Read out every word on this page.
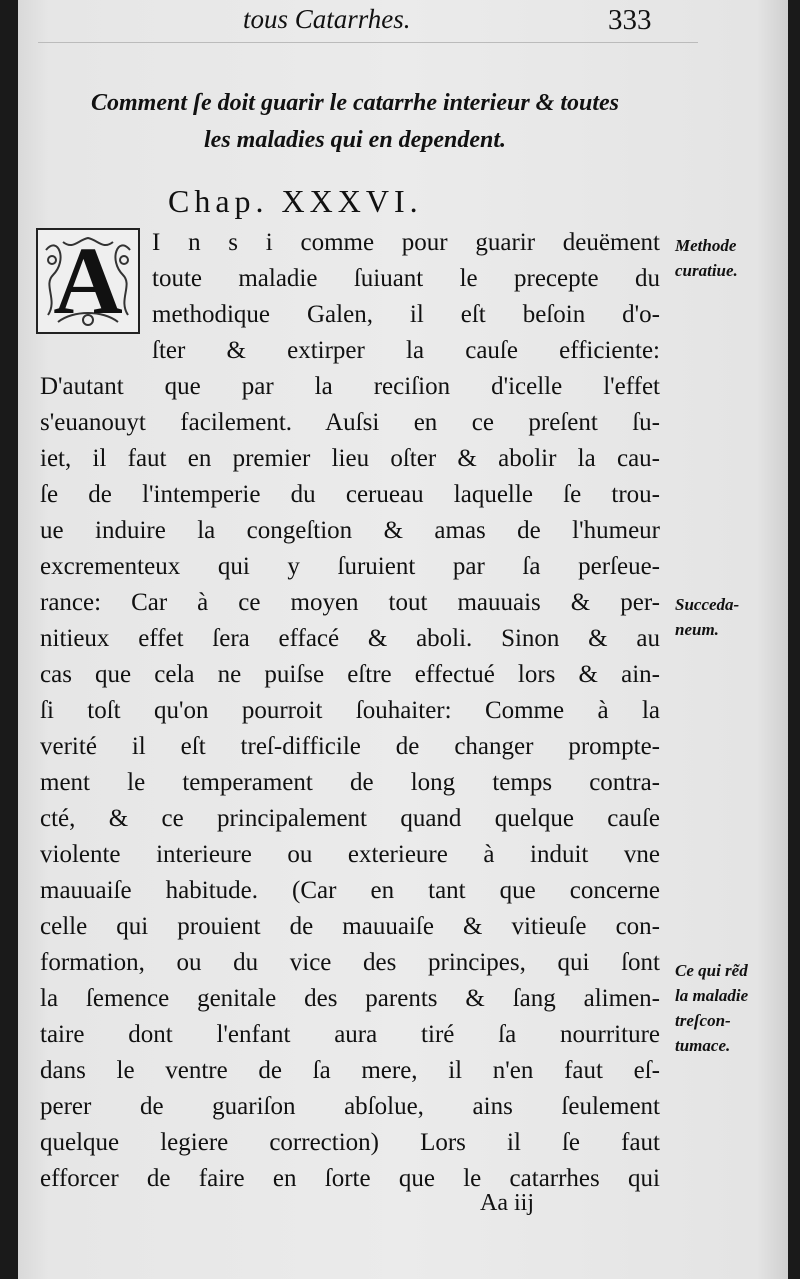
tous Catarrhes.	333
Comment ſe doit guarir le catarrhe interieur & toutes
les maladies qui en dependent.
Chap. XXXVI.
A	I n s i comme pour guarir deuëment
toute maladie ſuiuant le precepte du
methodique Galen, il eſt beſoin d'o-
ſter & extirper la cauſe efficiente:
D'autant que par la reciſion d'icelle l'effet
s'euanouyt facilement. Auſsi en ce preſent ſu-
iet, il faut en premier lieu oſter & abolir la cau-
ſe de l'intemperie du cerueau laquelle ſe trou-
ue induire la congeſtion & amas de l'humeur
excrementeux qui y ſuruient par ſa perſeue-
rance: Car à ce moyen tout mauuais & per-
nitieux effet ſera effacé & aboli. Sinon & au
cas que cela ne puiſse eſtre effectué lors & ain-
ſi toſt qu'on pourroit ſouhaiter: Comme à la
verité il eſt treſ-difficile de changer prompte-
ment le temperament de long temps contra-
cté, & ce principalement quand quelque cauſe
violente interieure ou exterieure à induit vne
mauuaiſe habitude. (Car en tant que concerne
celle qui prouient de mauuaiſe & vitieuſe con-
formation, ou du vice des principes, qui ſont
la ſemence genitale des parents & ſang alimen-
taire dont l'enfant aura tiré ſa nourriture
dans le ventre de ſa mere, il n'en faut eſ-
perer de guariſon abſolue, ains ſeulement
quelque legiere correction) Lors il ſe faut
efforcer de faire en ſorte que le catarrhes qui
Methode
curatiue.
Succeda-
neum.
Ce qui rẽd
la maladie
treſcon-
tumace.
Aa iij
